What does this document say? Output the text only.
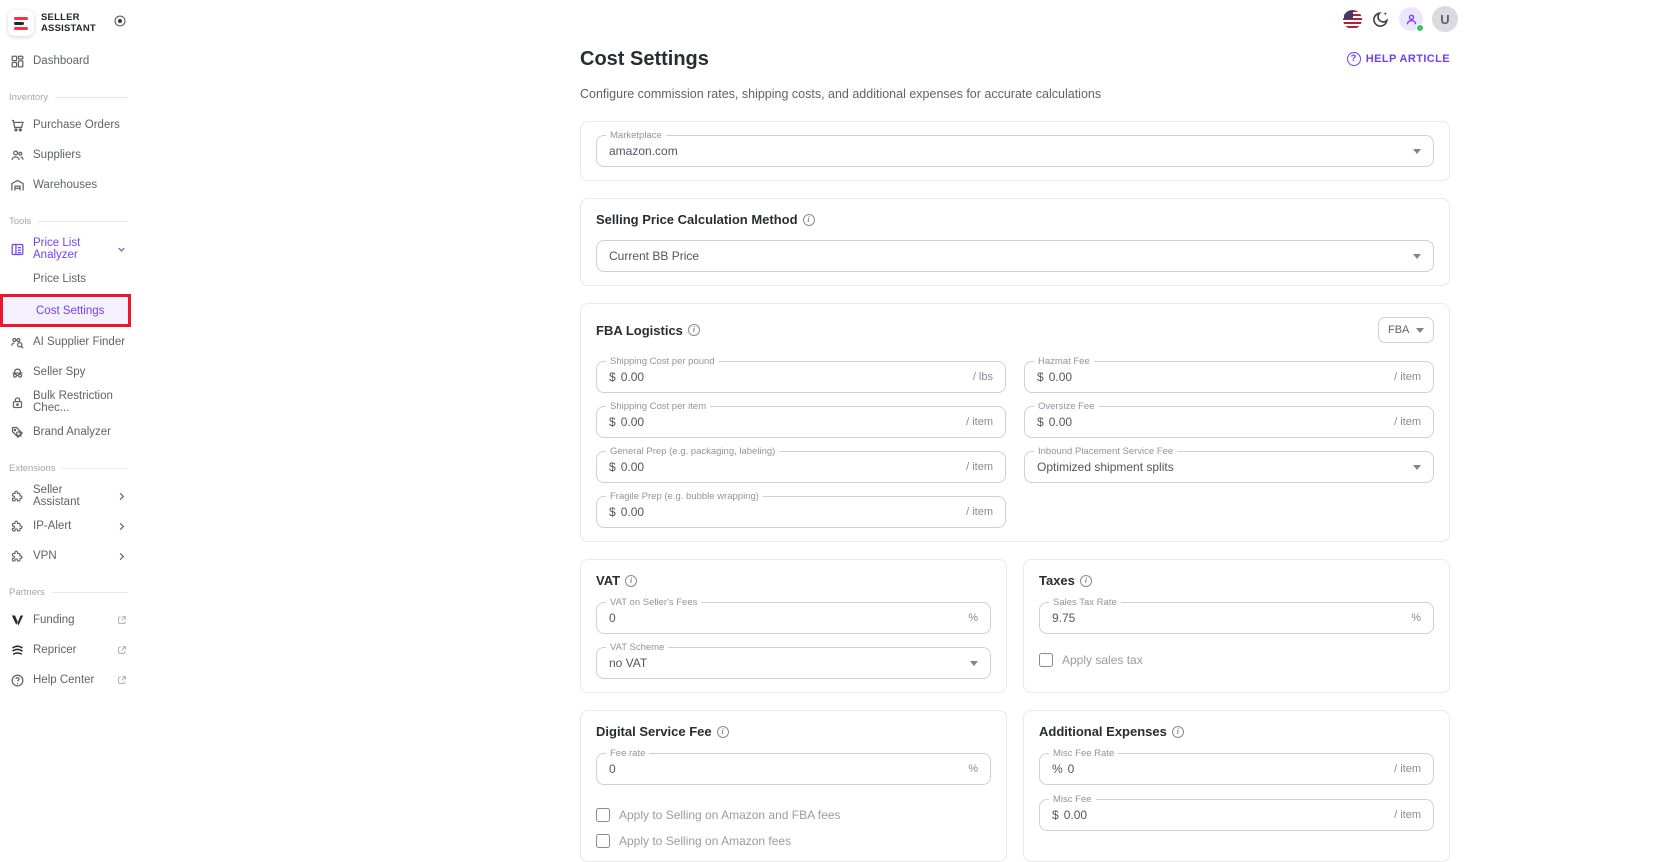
SELLER
ASSISTANT
Dashboard
Inventory
Purchase Orders
Suppliers
Warehouses
Tools
Price List Analyzer
Price Lists
Cost Settings
AI Supplier Finder
Seller Spy
Bulk Restriction Chec...
Brand Analyzer
Extensions
Seller Assistant
IP-Alert
VPN
Partners
Funding
Repricer
Help Center
U
Cost Settings	? HELP ARTICLE

Configure commission rates, shipping costs, and additional expenses for accurate calculations

Marketplace
amazon.com
Selling Price Calculation Method	i
Current BB Price
FBA Logistics	i	FBA
Shipping Cost per pound
$ 0.00	/ lbs
Hazmat Fee
$ 0.00	/ item
Shipping Cost per item
$ 0.00	/ item
Oversize Fee
$ 0.00	/ item
General Prep (e.g. packaging, labeling)
$ 0.00	/ item
Inbound Placement Service Fee
Optimized shipment splits
Fragile Prep (e.g. bubble wrapping)
$ 0.00	/ item
VAT	i
VAT on Seller's Fees
0	%
VAT Scheme
no VAT
Taxes	i
Sales Tax Rate
9.75	%
Apply sales tax
Digital Service Fee	i
Fee rate
0	%
Apply to Selling on Amazon and FBA fees
Apply to Selling on Amazon fees
Additional Expenses	i
Misc Fee Rate
% 0	/ item
Misc Fee
$ 0.00	/ item
